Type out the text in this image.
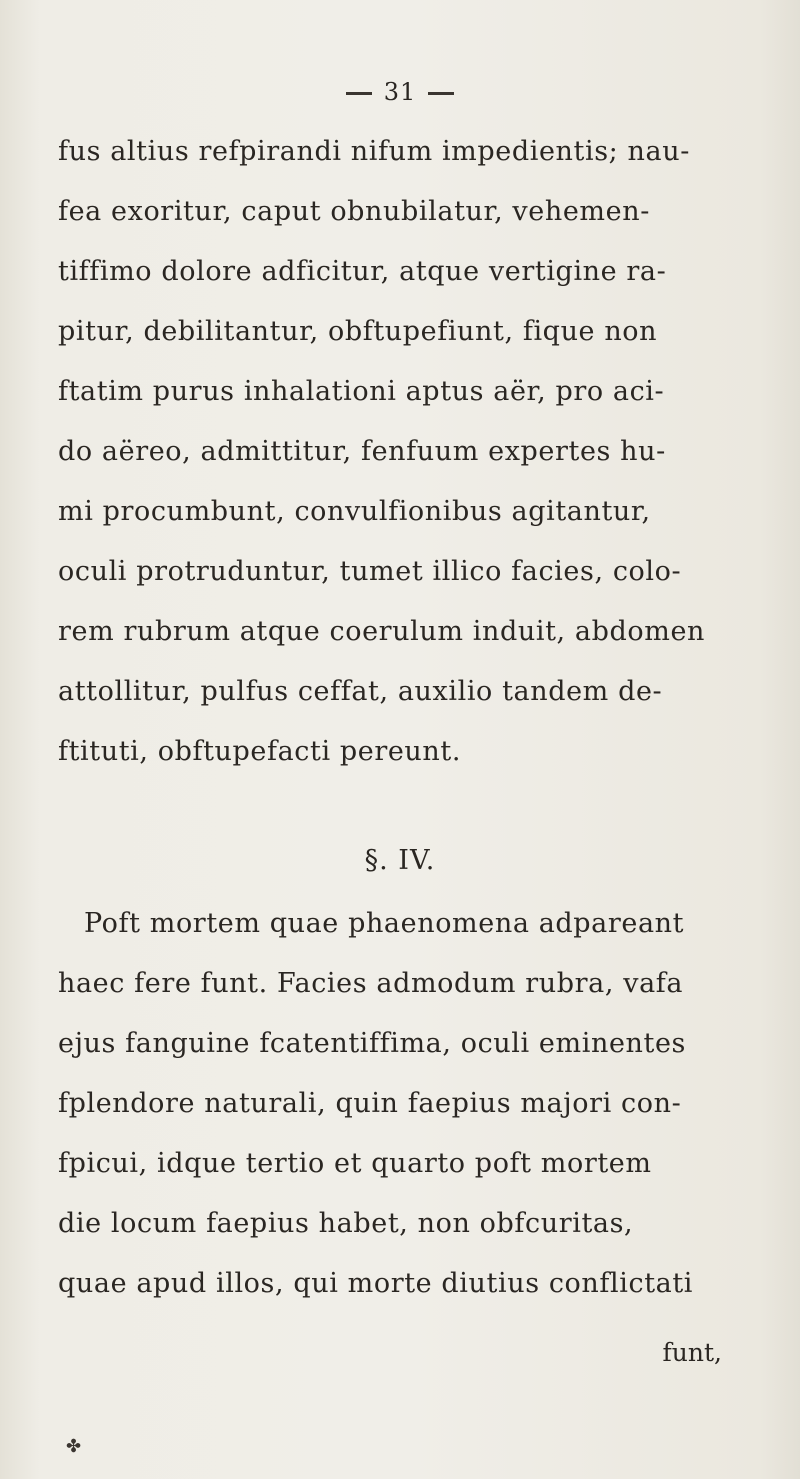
31
fus altius refpirandi nifum impedientis; nau-
fea exoritur, caput obnubilatur, vehemen-
tiffimo dolore adficitur, atque vertigine ra-
pitur, debilitantur, obftupefiunt, fique non
ftatim purus inhalationi aptus aër, pro aci-
do aëreo, admittitur, fenfuum expertes hu-
mi procumbunt, convulfionibus agitantur,
oculi protruduntur, tumet illico facies, colo-
rem rubrum atque coerulum induit, abdomen
attollitur, pulfus ceffat, auxilio tandem de-
ftituti, obftupefacti pereunt.
§. IV.
Poft mortem quae phaenomena adpareant
haec fere funt. Facies admodum rubra, vafa
ejus fanguine fcatentiffima, oculi eminentes
fplendore naturali, quin faepius majori con-
fpicui, idque tertio et quarto poft mortem
die locum faepius habet, non obfcuritas,
quae apud illos, qui morte diutius conflictati
funt,
✤
